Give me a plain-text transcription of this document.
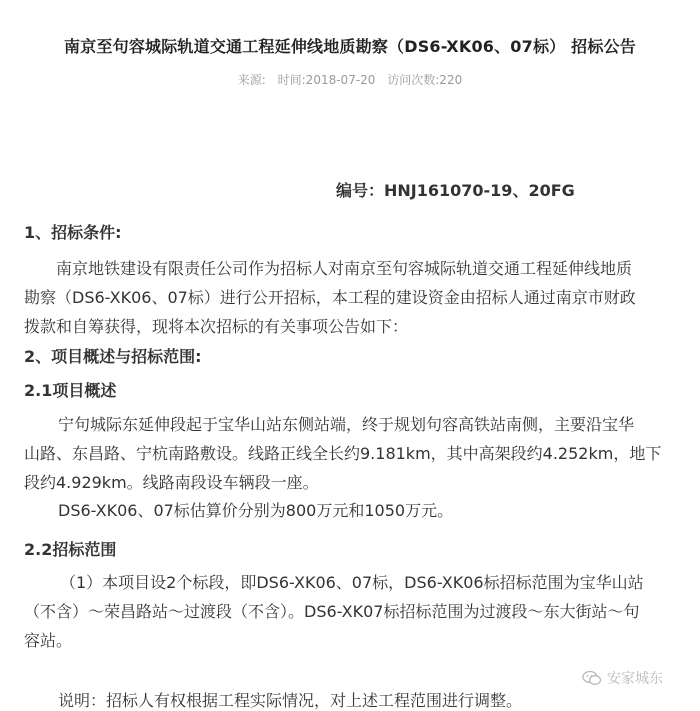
南京至句容城际轨道交通工程延伸线地质勘察（DS6-XK06、07标） 招标公告
来源: 时间:2018-07-20 访问次数:220
编号：HNJ161070-19、20FG
1、招标条件:
南京地铁建设有限责任公司作为招标人对南京至句容城际轨道交通工程延伸线地质
勘察（DS6-XK06、07标）进行公开招标，本工程的建设资金由招标人通过南京市财政
拨款和自筹获得，现将本次招标的有关事项公告如下：
2、项目概述与招标范围:
2.1项目概述
宁句城际东延伸段起于宝华山站东侧站端，终于规划句容高铁站南侧，主要沿宝华
山路、东昌路、宁杭南路敷设。线路正线全长约9.181km，其中高架段约4.252km，地下
段约4.929km。线路南段设车辆段一座。
DS6-XK06、07标估算价分别为800万元和1050万元。
2.2招标范围
（1）本项目设2个标段，即DS6-XK06、07标，DS6-XK06标招标范围为宝华山站
（不含）～荣昌路站～过渡段（不含）。DS6-XK07标招标范围为过渡段～东大街站～句
容站。
安家城东
说明：招标人有权根据工程实际情况，对上述工程范围进行调整。
